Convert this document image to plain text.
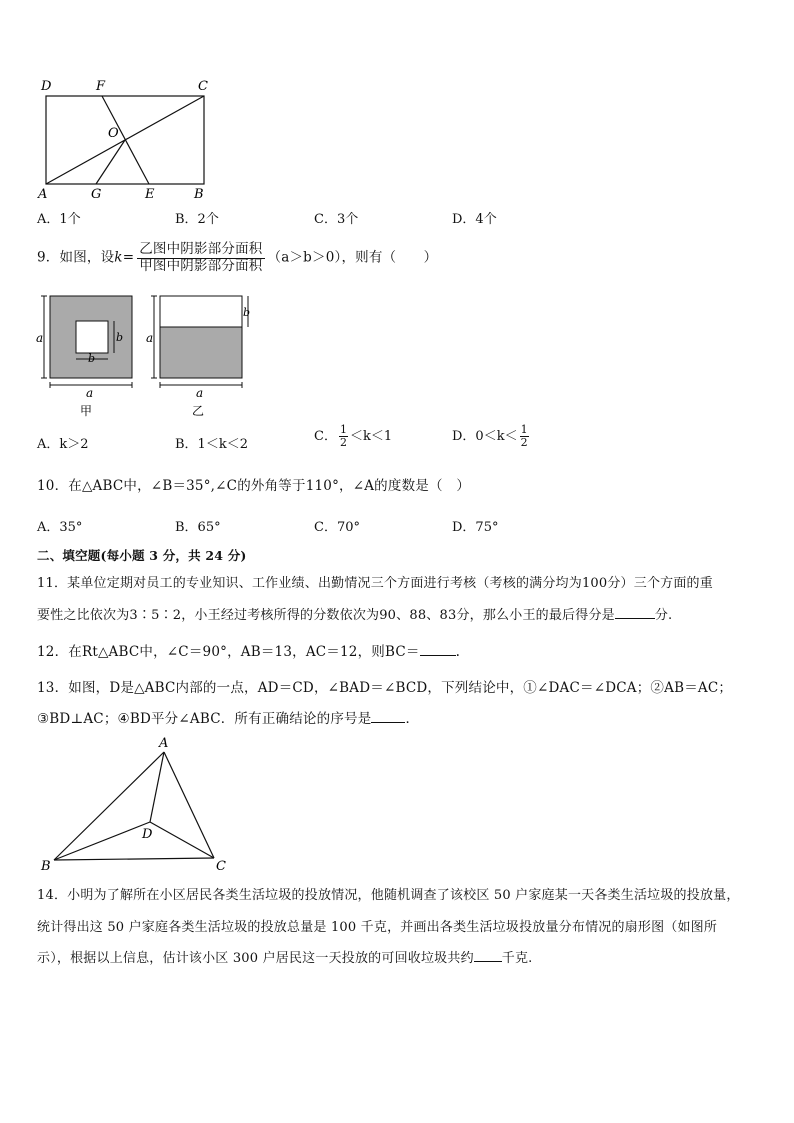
D	F	C
O
A	G	E	B
A．1个	B．2个	C．3个	D．4个
9．如图，设$k= \frac{\text{乙图中阴影部分面积}}{\text{甲图中阴影部分面积}} (a>b>0)$，则有（　　）
a
a
b
b
甲
a
a
b
乙
A．k＞2	B．1＜k＜2
C． $\frac{1}{2} <k<1$	D．$0<k< \frac{1}{2}$
10．在△ABC中，∠B＝35°,∠C的外角等于110°，∠A的度数是（　）
A．35°	B．65°	C．70°	D．75°
二、填空题(每小题 3 分，共 24 分)
11．某单位定期对员工的专业知识、工作业绩、出勤情况三个方面进行考核（考核的满分均为100分）三个方面的重
要性之比依次为3∶5∶2，小王经过考核所得的分数依次为90、88、83分，那么小王的最后得分是	分.
12．在Rt△ABC中，∠C＝90°，AB＝13，AC＝12，则BC＝	.
13．如图，D是△ABC内部的一点，AD＝CD，∠BAD＝∠BCD，下列结论中，①∠DAC＝∠DCA；②AB＝AC；
③BD⊥AC；④BD平分∠ABC．所有正确结论的序号是	．
A
B	C
D
14．小明为了解所在小区居民各类生活垃圾的投放情况，他随机调查了该校区 50 户家庭某一天各类生活垃圾的投放量，
统计得出这 50 户家庭各类生活垃圾的投放总量是 100 千克，并画出各类生活垃圾投放量分布情况的扇形图（如图所
示），根据以上信息，估计该小区 300 户居民这一天投放的可回收垃圾共约 千克.
